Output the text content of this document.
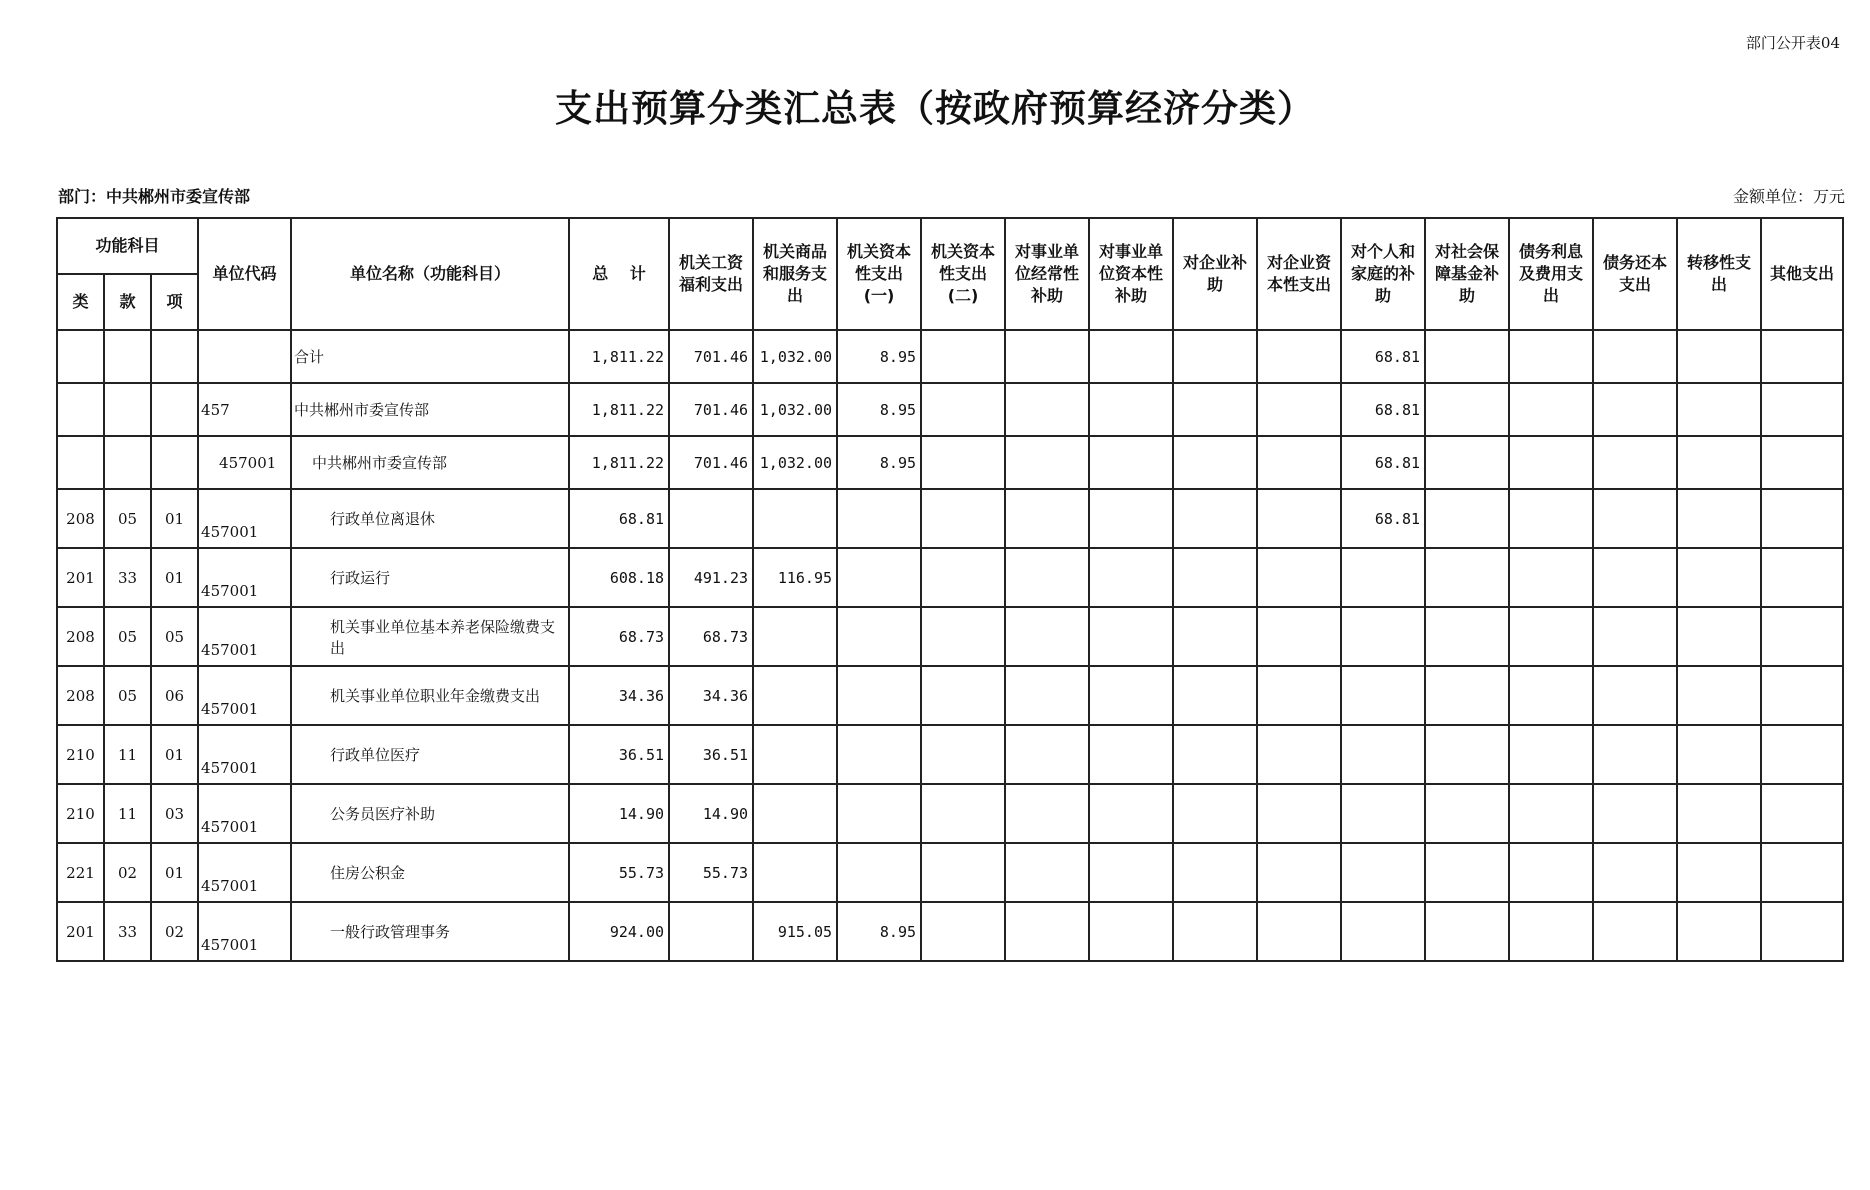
部门公开表04
支出预算分类汇总表（按政府预算经济分类）
部门：中共郴州市委宣传部	金额单位：万元
功能科目			单位代码	单位名称（功能科目）	总　 计	机关工资福利支出	机关商品和服务支出	机关资本性支出(一)	机关资本性支出(二)	对事业单位经常性补助	对事业单位资本性补助	对企业补助	对企业资本性支出	对个人和家庭的补助	对社会保障基金补助	债务利息及费用支出	债务还本支出	转移性支出	其他支出
类	款	项																	
				合计	1,811.22	701.46	1,032.00	8.95						68.81					
			457	中共郴州市委宣传部	1,811.22	701.46	1,032.00	8.95						68.81					
			457001	中共郴州市委宣传部	1,811.22	701.46	1,032.00	8.95						68.81					
208	05	01	457001	行政单位离退休	68.81									68.81					
201	33	01	457001	行政运行	608.18	491.23	116.95												
208	05	05	457001	机关事业单位基本养老保险缴费支出	68.73	68.73													
208	05	06	457001	机关事业单位职业年金缴费支出	34.36	34.36													
210	11	01	457001	行政单位医疗	36.51	36.51													
210	11	03	457001	公务员医疗补助	14.90	14.90													
221	02	01	457001	住房公积金	55.73	55.73													
201	33	02	457001	一般行政管理事务	924.00		915.05	8.95											
